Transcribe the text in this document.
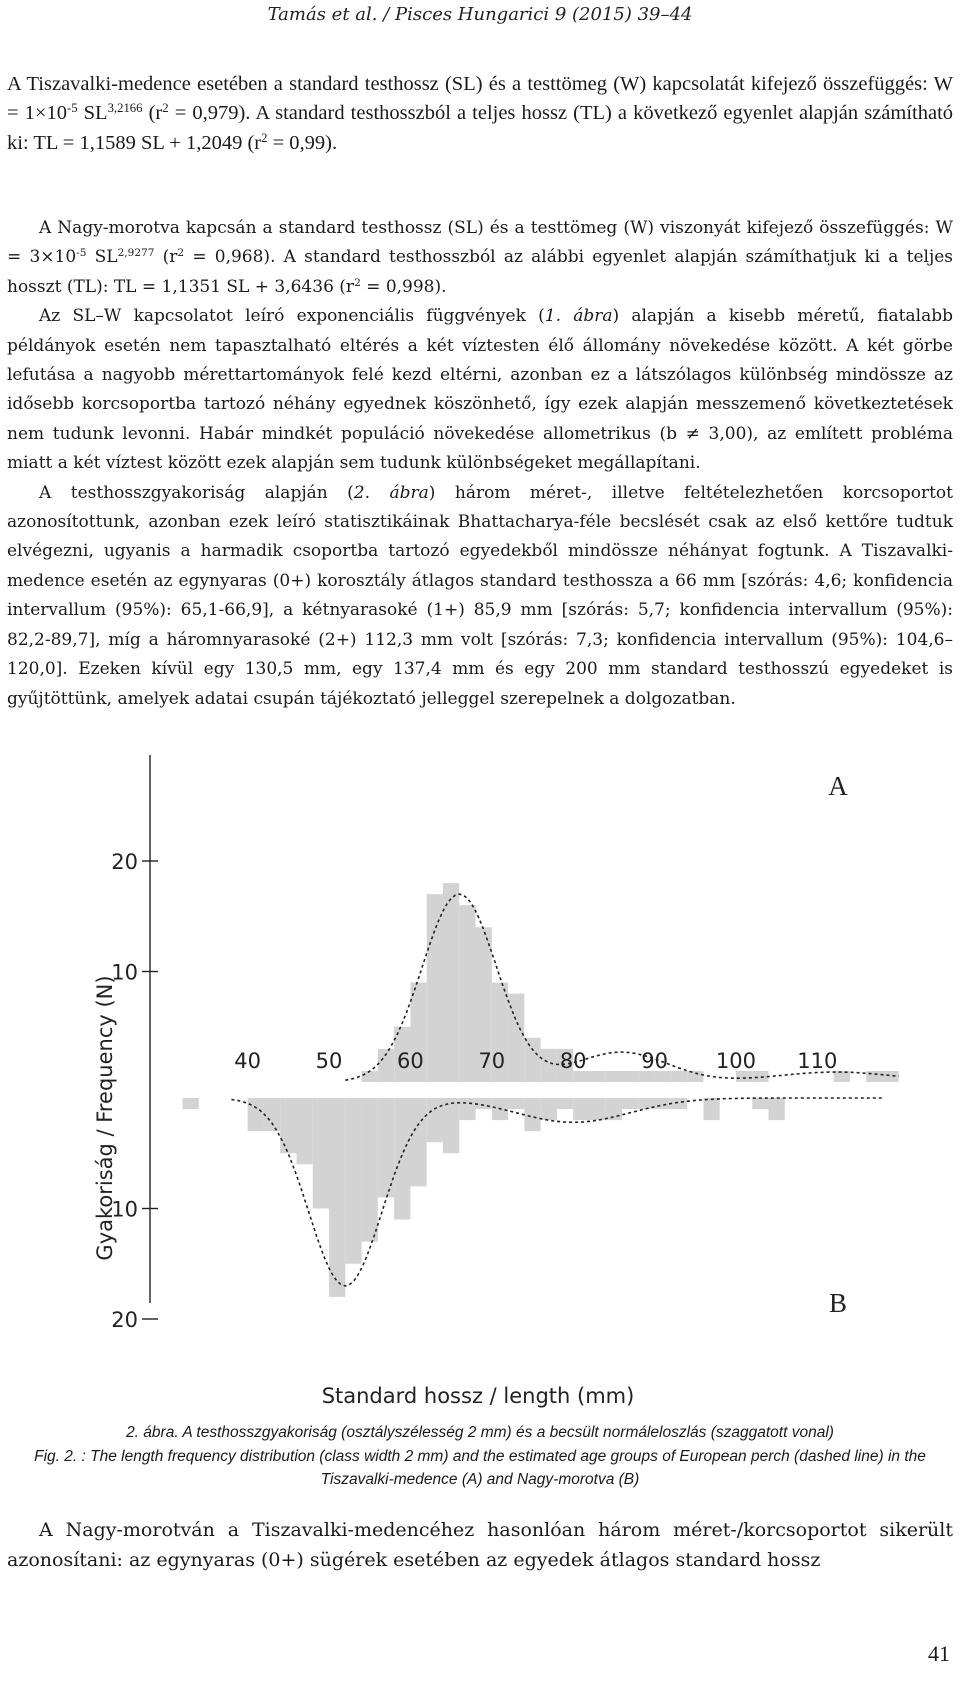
Tamás et al. / Pisces Hungarici 9 (2015) 39–44
A Tiszavalki-medence esetében a standard testhossz (SL) és a testtömeg (W) kapcsolatát kifejező összefüggés: $W = 1\times 10^{-5}$ $SL^{3,2166}$ $(r^2 = 0,979)$. A standard testhosszból a teljes hossz (TL) a következő egyenlet alapján számítható ki: TL = 1,1589 SL + 1,2049 $(r^2 = 0,99)$.

A Nagy-morotva kapcsán a standard testhossz (SL) és a testtömeg (W) viszonyát kifejező összefüggés: $W = 3\times 10^{-5}$ $SL^{2,9277}$ $(r^2 = 0,968)$. A standard testhosszból az alábbi egyenlet alapján számíthatjuk ki a teljes hosszt (TL): TL = 1,1351 SL + 3,6436 $(r^2 = 0,998)$.

Az SL–W kapcsolatot leíró exponenciális függvények (1. ábra) alapján a kisebb méretű, fiatalabb példányok esetén nem tapasztalható eltérés a két víztesten élő állomány növekedése között. A két görbe lefutása a nagyobb mérettartományok felé kezd eltérni, azonban ez a látszólagos különbség mindössze az idősebb korcsoportba tartozó néhány egyednek köszönhető, így ezek alapján messzemenő következtetések nem tudunk levonni. Habár mindkét populáció növekedése allometrikus (b ≠ 3,00), az említett probléma miatt a két víztest között ezek alapján sem tudunk különbségeket megállapítani.

A testhosszgyakoriság alapján (2. ábra) három méret-, illetve feltételezhetően korcsoportot azonosítottunk, azonban ezek leíró statisztikáinak Bhattacharya-féle becslését csak az első kettőre tudtuk elvégezni, ugyanis a harmadik csoportba tartozó egyedekből mindössze néhányat fogtunk. A Tiszavalki-medence esetén az egynyaras (0+) korosztály átlagos standard testhossza a 66 mm [szórás: 4,6; konfidencia intervallum (95%): 65,1-66,9], a kétnyarasoké (1+) 85,9 mm [szórás: 5,7; konfidencia intervallum (95%): 82,2-89,7], míg a háromnyarasoké (2+) 112,3 mm volt [szórás: 7,3; konfidencia intervallum (95%): 104,6–120,0]. Ezeken kívül egy 130,5 mm, egy 137,4 mm és egy 200 mm standard testhosszú egyedeket is gyűjtöttünk, amelyek adatai csupán tájékoztató jelleggel szerepelnek a dolgozatban.

20
10
10
20
40	50	60	70	80	90 100 110
Gyakoriság / Frequency (N)
Standard hossz / length (mm)
A
B
2. ábra. A testhosszgyakoriság (osztályszélesség 2 mm) és a becsült normáleloszlás (szaggatott vonal)
Fig. 2. : The length frequency distribution (class width 2 mm) and the estimated age groups of European perch (dashed line) in the Tiszavalki-medence (A) and Nagy-morotva (B)

A Nagy-morotván a Tiszavalki-medencéhez hasonlóan három méret-/korcsoportot sikerült azonosítani: az egynyaras (0+) sügérek esetében az egyedek átlagos standard hossz

41
